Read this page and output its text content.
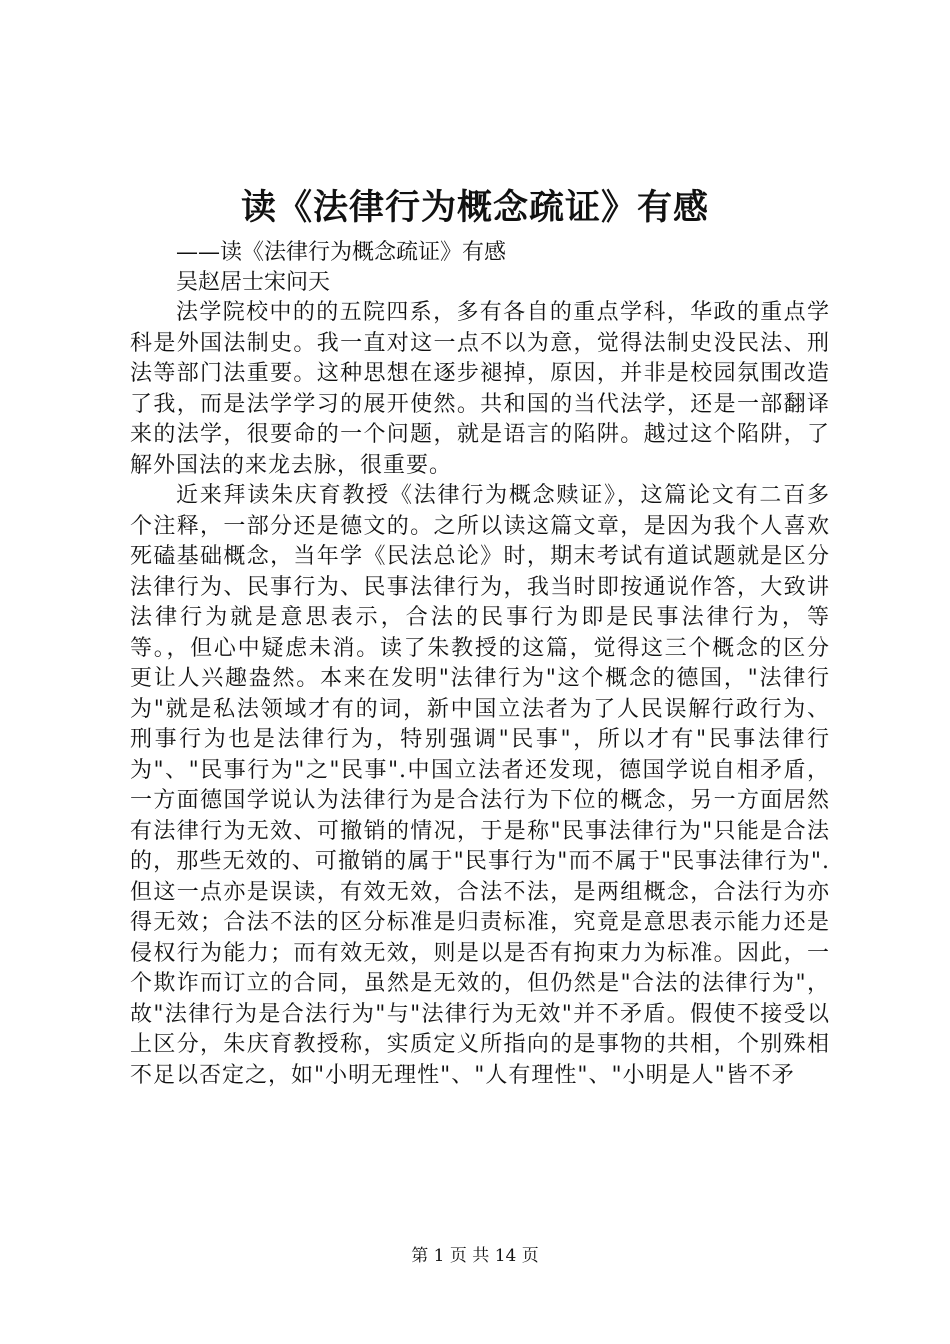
读《法律行为概念疏证》有感
——读《法律行为概念疏证》有感
吴赵居士宋问天

法学院校中的的五院四系，多有各自的重点学科，华政的重点学科是外国法制史。我一直对这一点不以为意，觉得法制史没民法、刑法等部门法重要。这种思想在逐步褪掉，原因，并非是校园氛围改造了我，而是法学学习的展开使然。共和国的当代法学，还是一部翻译来的法学，很要命的一个问题，就是语言的陷阱。越过这个陷阱，了解外国法的来龙去脉，很重要。

近来拜读朱庆育教授《法律行为概念赎证》，这篇论文有二百多个注释，一部分还是德文的。之所以读这篇文章，是因为我个人喜欢死磕基础概念，当年学《民法总论》时，期末考试有道试题就是区分法律行为、民事行为、民事法律行为，我当时即按通说作答，大致讲法律行为就是意思表示，合法的民事行为即是民事法律行为，等等。，但心中疑虑未消。读了朱教授的这篇，觉得这三个概念的区分更让人兴趣盎然。本来在发明"法律行为"这个概念的德国，"法律行为"就是私法领域才有的词，新中国立法者为了人民误解行政行为、刑事行为也是法律行为，特别强调"民事"，所以才有"民事法律行为"、"民事行为"之"民事".中国立法者还发现，德国学说自相矛盾，一方面德国学说认为法律行为是合法行为下位的概念，另一方面居然有法律行为无效、可撤销的情况，于是称"民事法律行为"只能是合法的，那些无效的、可撤销的属于"民事行为"而不属于"民事法律行为".但这一点亦是误读，有效无效，合法不法，是两组概念，合法行为亦得无效；合法不法的区分标准是归责标准，究竟是意思表示能力还是侵权行为能力；而有效无效，则是以是否有拘束力为标准。因此，一个欺诈而订立的合同，虽然是无效的，但仍然是"合法的法律行为"，故"法律行为是合法行为"与"法律行为无效"并不矛盾。假使不接受以上区分，朱庆育教授称，实质定义所指向的是事物的共相，个别殊相不足以否定之，如"小明无理性"、"人有理性"、"小明是人"皆不矛

第 1 页 共 14 页
